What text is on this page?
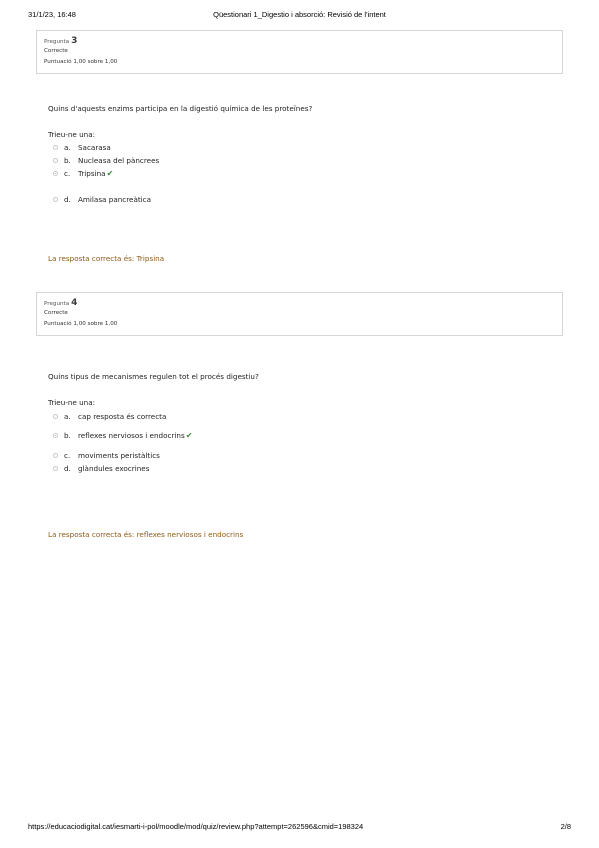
31/1/23, 16:48	Qüestionari 1_Digestio i absorció: Revisió de l'intent
Pregunta 3
Correcte
Puntuació 1,00 sobre 1,00
Quins d'aquests enzims participa en la digestió química de les proteïnes?
Trieu-ne una:
a. Sacarasa
b. Nucleasa del pàncrees
c. Tripsina✔
d. Amilasa pancreàtica
La resposta correcta és: Tripsina
Pregunta 4
Correcte
Puntuació 1,00 sobre 1,00
Quins tipus de mecanismes regulen tot el procés digestiu?
Trieu-ne una:
a. cap resposta és correcta
b. reflexes nerviosos i endocrins✔
c. moviments peristàltics
d. glàndules exocrines
La resposta correcta és: reflexes nerviosos i endocrins
https://educaciodigital.cat/iesmarti-i-pol/moodle/mod/quiz/review.php?attempt=262596&cmid=198324	2/8
